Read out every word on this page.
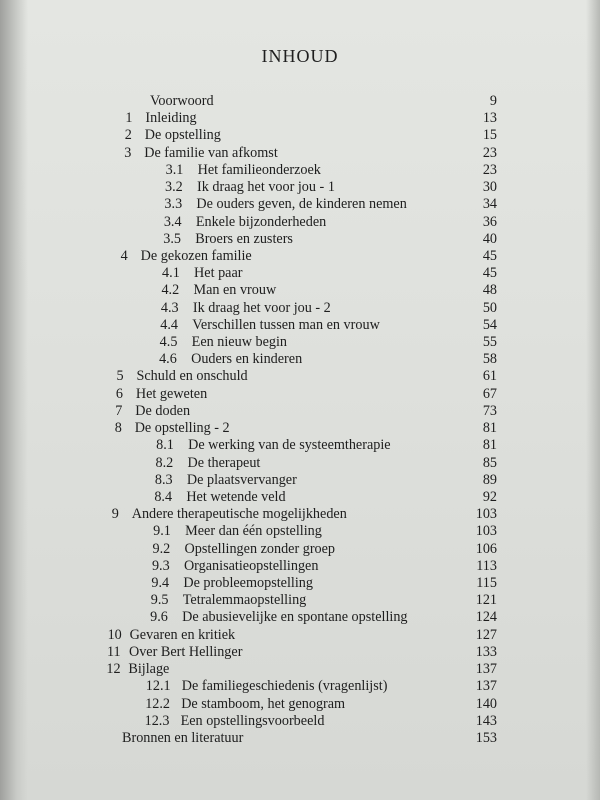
INHOUD
Voorwoord	9
1 Inleiding	13
2 De opstelling	15
3 De familie van afkomst	23
3.1 Het familieonderzoek	23
3.2 Ik draag het voor jou - 1	30
3.3 De ouders geven, de kinderen nemen	34
3.4 Enkele bijzonderheden	36
3.5 Broers en zusters	40
4 De gekozen familie	45
4.1 Het paar	45
4.2 Man en vrouw	48
4.3 Ik draag het voor jou - 2	50
4.4 Verschillen tussen man en vrouw	54
4.5 Een nieuw begin	55
4.6 Ouders en kinderen	58
5 Schuld en onschuld	61
6 Het geweten	67
7 De doden	73
8 De opstelling - 2	81
8.1 De werking van de systeemtherapie	81
8.2 De therapeut	85
8.3 De plaatsvervanger	89
8.4 Het wetende veld	92
9 Andere therapeutische mogelijkheden	103
9.1 Meer dan één opstelling	103
9.2 Opstellingen zonder groep	106
9.3 Organisatieopstellingen	113
9.4 De probleemopstelling	115
9.5 Tetralemmaopstelling	121
9.6 De abusievelijke en spontane opstelling	124
10 Gevaren en kritiek	127
11 Over Bert Hellinger	133
12 Bijlage	137
12.1 De familiegeschiedenis (vragenlijst)	137
12.2 De stamboom, het genogram	140
12.3 Een opstellingsvoorbeeld	143
Bronnen en literatuur	153
